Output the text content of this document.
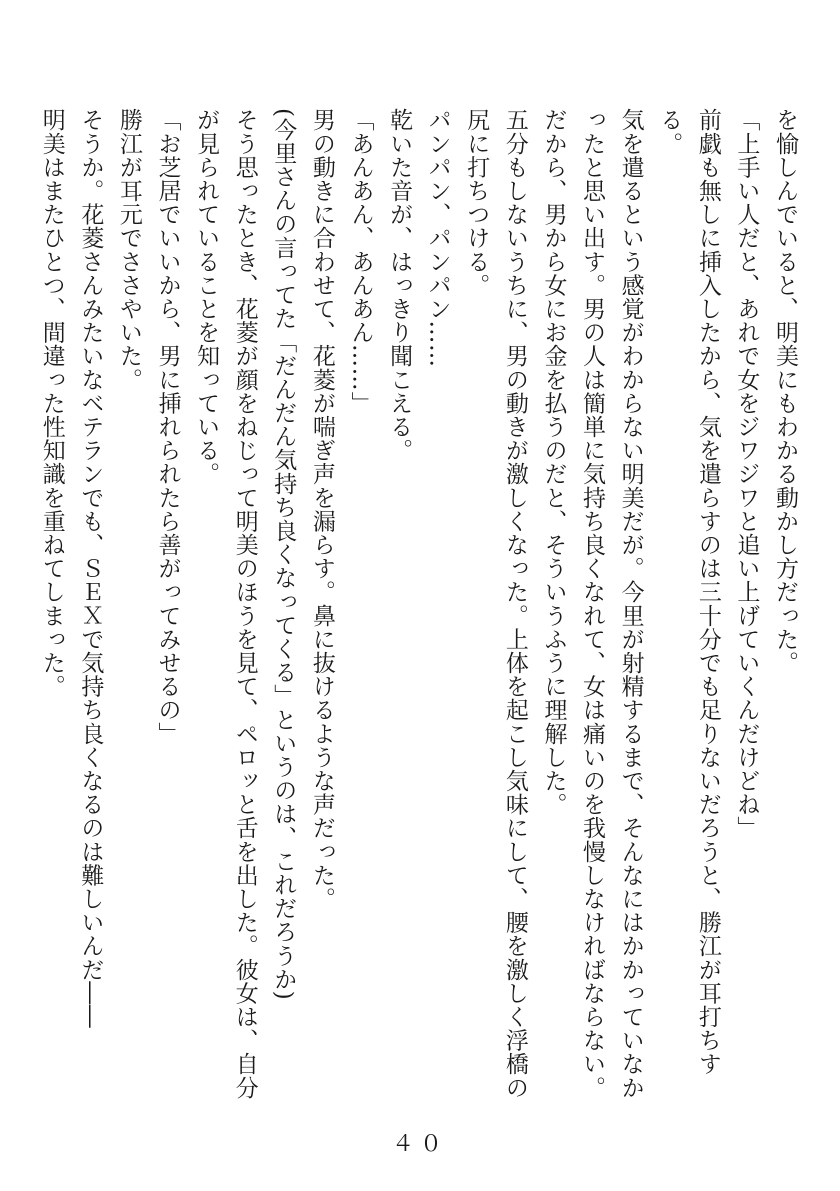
を愉しんでいると、明美にもわかる動かし方だった。

「上手い人だと、あれで女をジワジワと追い上げていくんだけどね」

前戯も無しに挿入したから、気を遣らすのは三十分でも足りないだろうと、勝江が耳打ちする。

気を遣るという感覚がわからない明美だが。今里が射精するまで、そんなにはかかっていなかったと思い出す。男の人は簡単に気持ち良くなれて、女は痛いのを我慢しなければならない。だから、男から女にお金を払うのだと、そういうふうに理解した。

五分もしないうちに、男の動きが激しくなった。上体を起こし気味にして、腰を激しく浮橋の尻に打ちつける。

パンパン、パンパン……

乾いた音が、はっきり聞こえる。

「あんあん、あんあん……」

男の動きに合わせて、花菱が喘ぎ声を漏らす。鼻に抜けるような声だった。

(今里さんの言ってた「だんだん気持ち良くなってくる」というのは、これだろうか)

そう思ったとき、花菱が顔をねじって明美のほうを見て、ペロッと舌を出した。彼女は、自分が見られていることを知っている。

「お芝居でいいから、男に挿れられたら善がってみせるの」

勝江が耳元でささやいた。

そうか。花菱さんみたいなベテランでも、ＳＥＸで気持ち良くなるのは難しいんだ――

明美はまたひとつ、間違った性知識を重ねてしまった。

４０
